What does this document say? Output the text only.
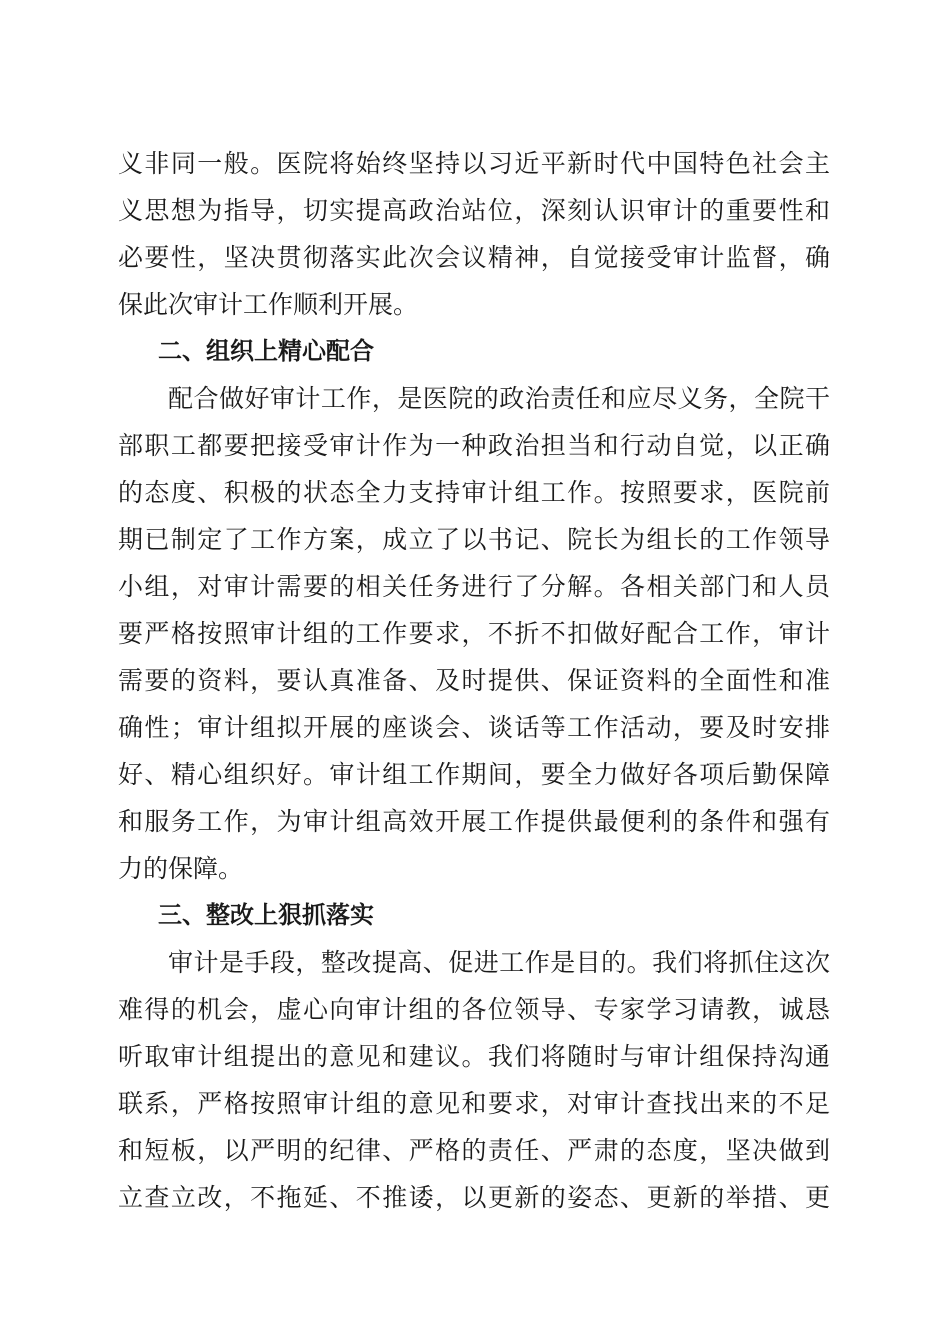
义非同一般。医院将始终坚持以习近平新时代中国特色社会主
义思想为指导，切实提高政治站位，深刻认识审计的重要性和
必要性，坚决贯彻落实此次会议精神，自觉接受审计监督，确
保此次审计工作顺利开展。
二、组织上精心配合
配合做好审计工作，是医院的政治责任和应尽义务，全院干
部职工都要把接受审计作为一种政治担当和行动自觉，以正确
的态度、积极的状态全力支持审计组工作。按照要求，医院前
期已制定了工作方案，成立了以书记、院长为组长的工作领导
小组，对审计需要的相关任务进行了分解。各相关部门和人员
要严格按照审计组的工作要求，不折不扣做好配合工作，审计
需要的资料，要认真准备、及时提供、保证资料的全面性和准
确性；审计组拟开展的座谈会、谈话等工作活动，要及时安排
好、精心组织好。审计组工作期间，要全力做好各项后勤保障
和服务工作，为审计组高效开展工作提供最便利的条件和强有
力的保障。
三、整改上狠抓落实
审计是手段，整改提高、促进工作是目的。我们将抓住这次
难得的机会，虚心向审计组的各位领导、专家学习请教，诚恳
听取审计组提出的意见和建议。我们将随时与审计组保持沟通
联系，严格按照审计组的意见和要求，对审计查找出来的不足
和短板，以严明的纪律、严格的责任、严肃的态度，坚决做到
立查立改，不拖延、不推诿，以更新的姿态、更新的举措、更
